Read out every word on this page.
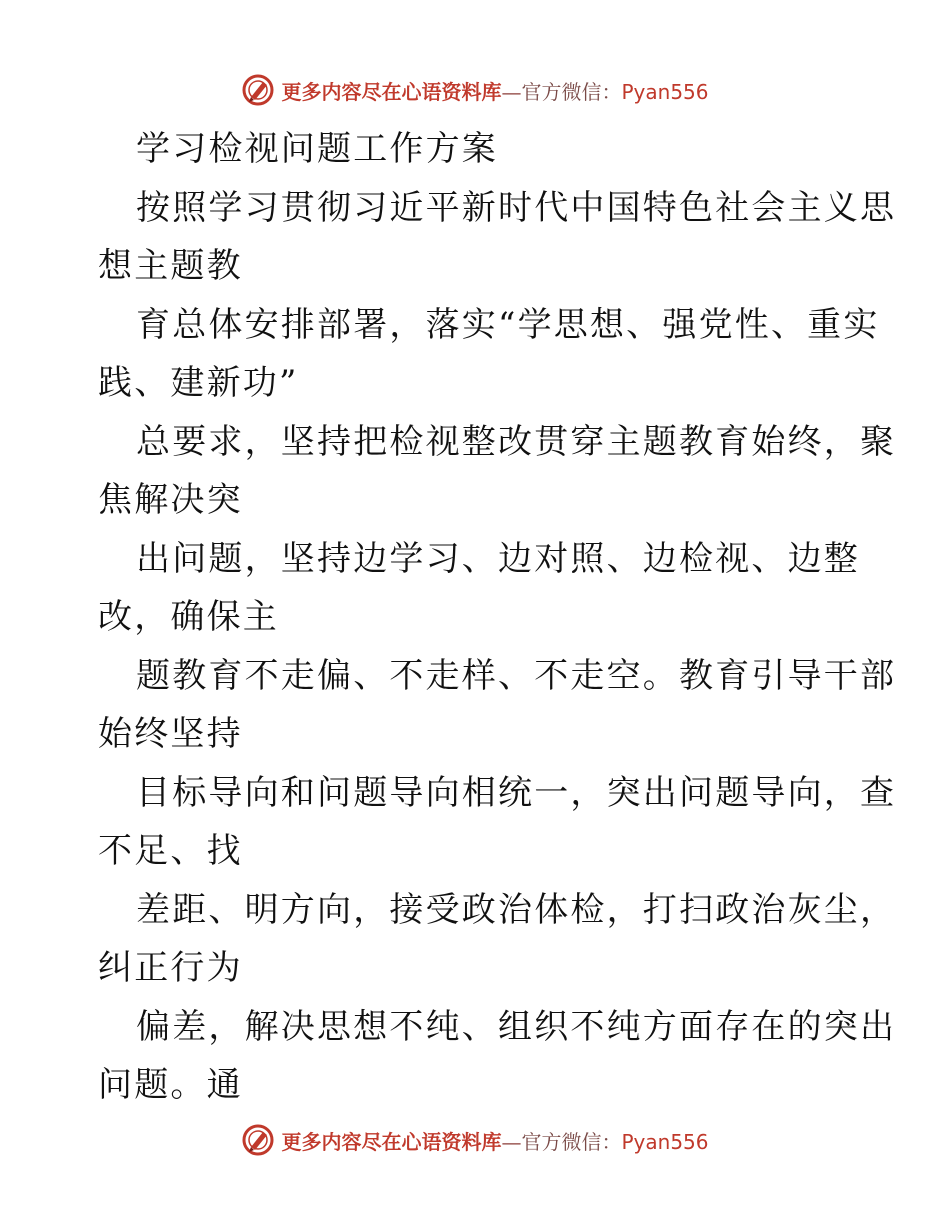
更多内容尽在心语资料库—官方微信：Pyan556
学习检视问题工作方案
按照学习贯彻习近平新时代中国特色社会主义思
想主题教
育总体安排部署，落实“学思想、强党性、重实
践、建新功”
总要求，坚持把检视整改贯穿主题教育始终，聚
焦解决突
出问题，坚持边学习、边对照、边检视、边整
改，确保主
题教育不走偏、不走样、不走空。教育引导干部
始终坚持
目标导向和问题导向相统一，突出问题导向，查
不足、找
差距、明方向，接受政治体检，打扫政治灰尘，
纠正行为
偏差，解决思想不纯、组织不纯方面存在的突出
问题。通
更多内容尽在心语资料库—官方微信：Pyan556
